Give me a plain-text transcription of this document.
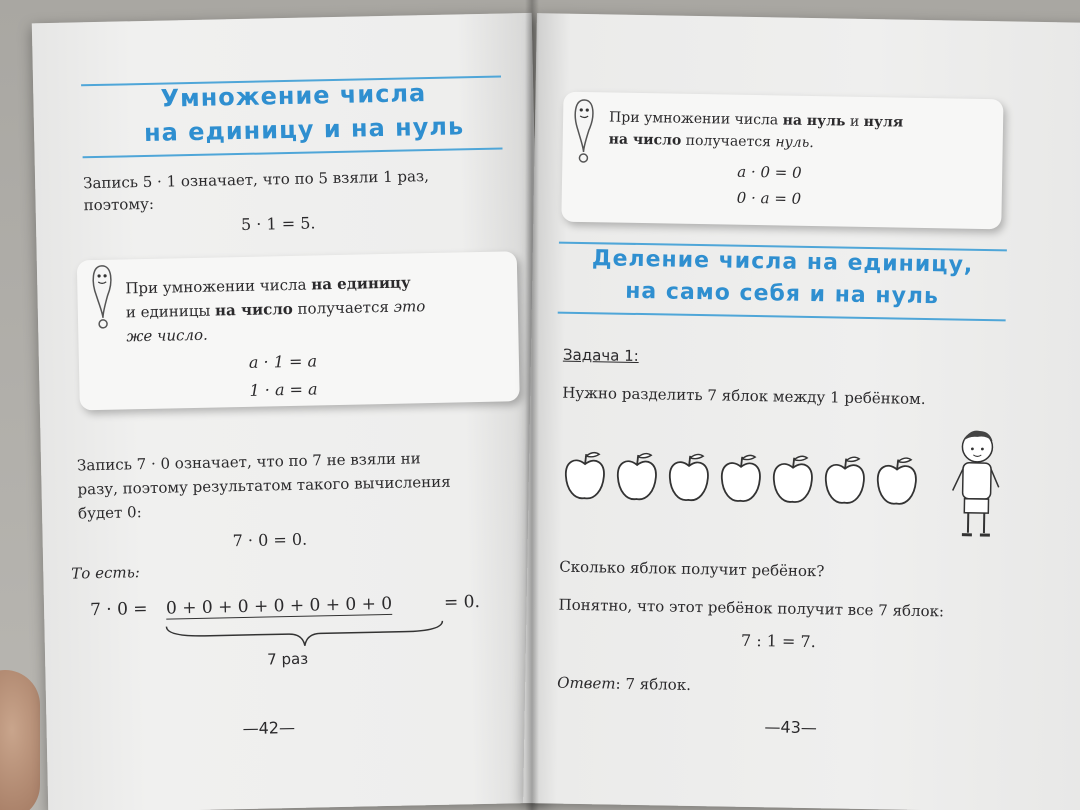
Умножение числа
на единицу и на нуль
Запись 5 · 1 означает, что по 5 взяли 1 раз,
поэтому:
5 · 1 = 5.
При умножении числа на единицу
и единицы на число получается это
же число.
a · 1 = a
1 · a = a
Запись 7 · 0 означает, что по 7 не взяли ни
разу, поэтому результатом такого вычисления
будет 0:
7 · 0 = 0.
То есть:
7 · 0 = 0 + 0 + 0 + 0 + 0 + 0 + 0	= 0.
7 раз
—42—
При умножении числа на нуль и нуля
на число получается нуль.
a · 0 = 0
0 · a = 0
Деление числа на единицу,
на само себя и на нуль
Задача 1:
Нужно разделить 7 яблок между 1 ребёнком.
Сколько яблок получит ребёнок?
Понятно, что этот ребёнок получит все 7 яблок:
7 : 1 = 7.
Ответ: 7 яблок.
—43—
